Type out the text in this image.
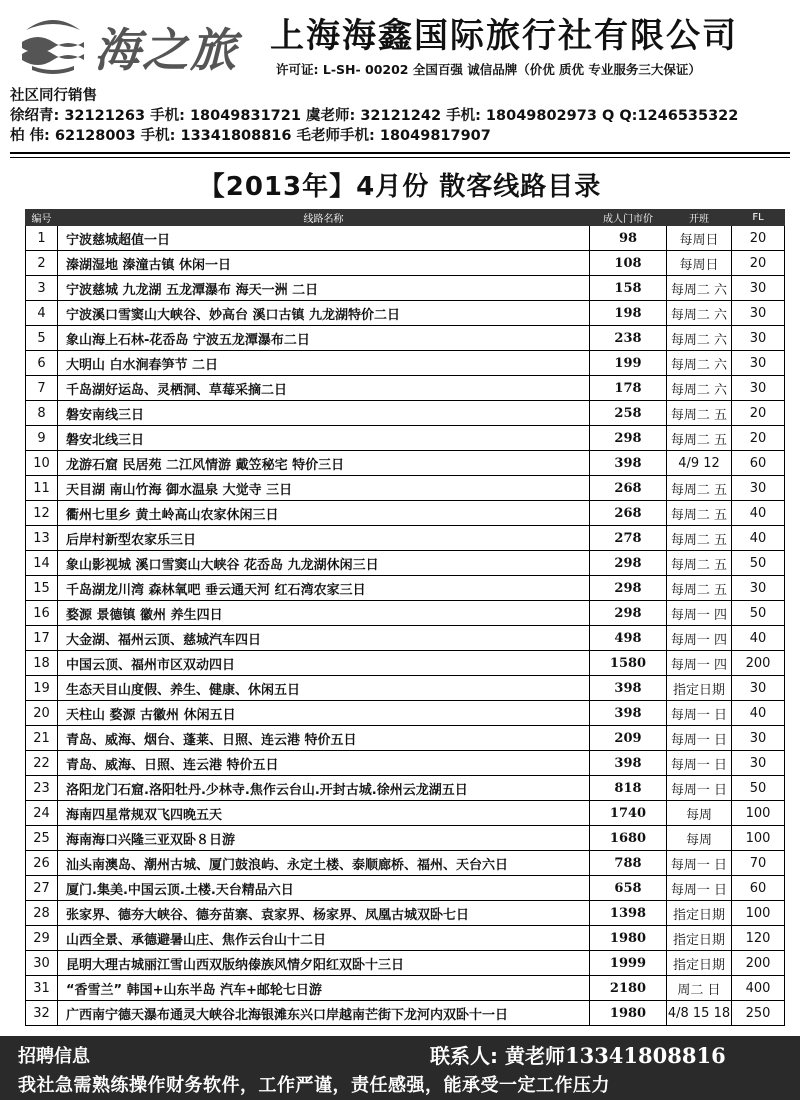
海之旅 上海海鑫国际旅行社有限公司
许可证: L-SH- 00202 全国百强 诚信品牌（价优 质优 专业服务三大保证）
社区同行销售
徐绍青: 32121263 手机: 18049831721 虞老师: 32121242 手机: 18049802973 Q Q:1246535322
柏 伟: 62128003 手机: 13341808816 毛老师手机: 18049817907
【2013年】4月份 散客线路目录
编号	线路名称	成人门市价	开班	FL
1	宁波慈城超值一日	98	每周日	20
2	溱湖湿地 溱潼古镇 休闲一日	108	每周日	20
3	宁波慈城 九龙湖 五龙潭瀑布 海天一洲 二日	158	每周二 六	30
4	宁波溪口雪窦山大峡谷、妙高台 溪口古镇 九龙湖特价二日	198	每周二 六	30
5	象山海上石林-花岙岛 宁波五龙潭瀑布二日	238	每周二 六	30
6	大明山 白水涧春笋节 二日	199	每周二 六	30
7	千岛湖好运岛、灵栖洞、草莓采摘二日	178	每周二 六	30
8	磐安南线三日	258	每周二 五	20
9	磐安北线三日	298	每周二 五	20
10	龙游石窟 民居苑 二江风情游 戴笠秘宅 特价三日	398	4/9 12	60
11	天目湖 南山竹海 御水温泉 大觉寺 三日	268	每周二 五	30
12	衢州七里乡 黄土岭高山农家休闲三日	268	每周二 五	40
13	后岸村新型农家乐三日	278	每周二 五	40
14	象山影视城 溪口雪窦山大峡谷 花岙岛 九龙湖休闲三日	298	每周二 五	50
15	千岛湖龙川湾 森林氧吧 垂云通天河 红石湾农家三日	298	每周二 五	30
16	婺源 景德镇 徽州 养生四日	298	每周一 四	50
17	大金湖、福州云顶、慈城汽车四日	498	每周一 四	40
18	中国云顶、福州市区双动四日	1580	每周一 四	200
19	生态天目山度假、养生、健康、休闲五日	398	指定日期	30
20	天柱山 婺源 古徽州 休闲五日	398	每周一 日	40
21	青岛、威海、烟台、蓬莱、日照、连云港 特价五日	209	每周一 日	30
22	青岛、威海、日照、连云港 特价五日	398	每周一 日	30
23	洛阳龙门石窟.洛阳牡丹.少林寺.焦作云台山.开封古城.徐州云龙湖五日	818	每周一 日	50
24	海南四星常规双飞四晚五天	1740	每周	100
25	海南海口兴隆三亚双卧８日游	1680	每周	100
26	汕头南澳岛、潮州古城、厦门鼓浪屿、永定土楼、泰顺廊桥、福州、天台六日	788	每周一 日	70
27	厦门.集美.中国云顶.土楼.天台精品六日	658	每周一 日	60
28	张家界、德夯大峡谷、德夯苗寨、袁家界、杨家界、凤凰古城双卧七日	1398	指定日期	100
29	山西全景、承德避暑山庄、焦作云台山十二日	1980	指定日期	120
30	昆明大理古城丽江雪山西双版纳傣族风情夕阳红双卧十三日	1999	指定日期	200
31	“香雪兰” 韩国+山东半岛 汽车+邮轮七日游	2180	周二 日	400
32	广西南宁德天瀑布通灵大峡谷北海银滩东兴口岸越南芒街下龙河内双卧十一日	1980	4/8 15 18	250
招聘信息	联系人: 黄老师13341808816
我社急需熟练操作财务软件，工作严谨，责任感强，能承受一定工作压力
